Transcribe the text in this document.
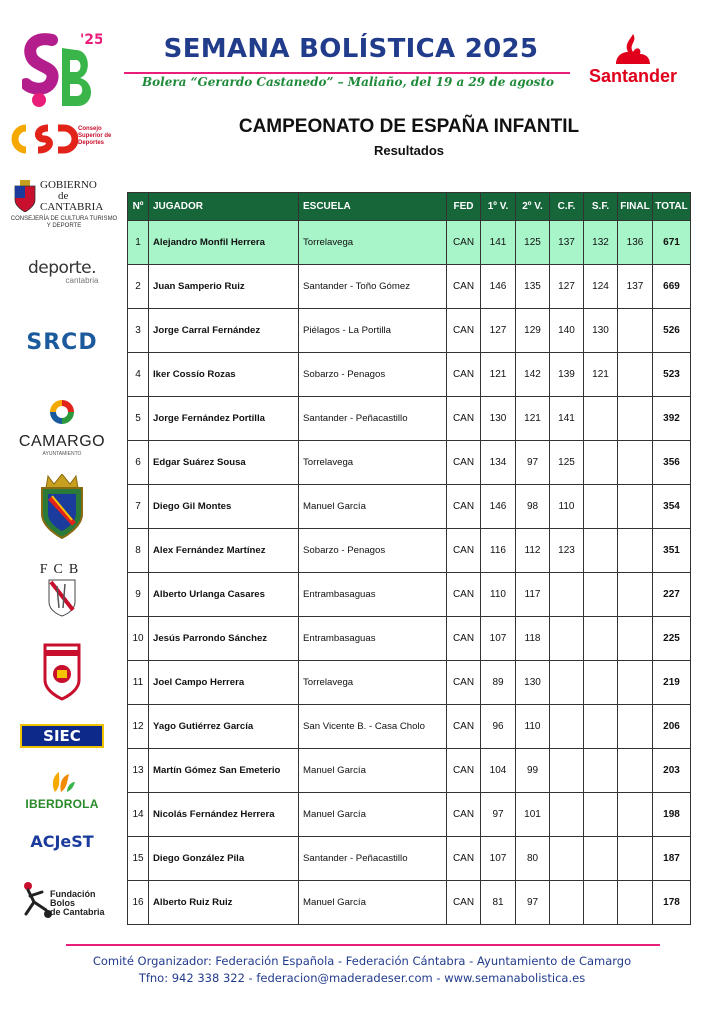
'25	SEMANA BOLÍSTICA 2025
Bolera “Gerardo Castanedo” – Maliaño, del 19 a 29 de agosto	Santander
CAMPEONATO DE ESPAÑA INFANTIL
Resultados
Consejo Superior de Deportes
GOBIERNO
de
CANTABRIA
CONSEJERÍA DE CULTURA TURISMO Y DEPORTE
deporte.
cantabria
SRCD
CAMARGO
AYUNTAMIENTO
FCB
SIEC
IBERDROLA
ACJeST
Fundación
Bolos
de Cantabria
Nº	JUGADOR	ESCUELA	FED	1º V.	2º V.	C.F.	S.F.	FINAL	TOTAL
1	Alejandro Monfil Herrera	Torrelavega	CAN	141	125	137	132	136	671
2	Juan Samperio Ruiz	Santander - Toño Gómez	CAN	146	135	127	124	137	669
3	Jorge Carral Fernández	Piélagos - La Portilla	CAN	127	129	140	130		526
4	Iker Cossío Rozas	Sobarzo - Penagos	CAN	121	142	139	121		523
5	Jorge Fernández Portilla	Santander - Peñacastillo	CAN	130	121	141			392
6	Edgar Suárez Sousa	Torrelavega	CAN	134	97	125			356
7	Diego Gil Montes	Manuel García	CAN	146	98	110			354
8	Alex Fernández Martínez	Sobarzo - Penagos	CAN	116	112	123			351
9	Alberto Urlanga Casares	Entrambasaguas	CAN	110	117				227
10	Jesús Parrondo Sánchez	Entrambasaguas	CAN	107	118				225
11	Joel Campo Herrera	Torrelavega	CAN	89	130				219
12	Yago Gutiérrez García	San Vicente B. - Casa Cholo	CAN	96	110				206
13	Martín Gómez San Emeterio	Manuel García	CAN	104	99				203
14	Nicolás Fernández Herrera	Manuel García	CAN	97	101				198
15	Diego González Pila	Santander - Peñacastillo	CAN	107	80				187
16	Alberto Ruiz Ruiz	Manuel García	CAN	81	97				178
Comité Organizador: Federación Española - Federación Cántabra - Ayuntamiento de Camargo
Tfno: 942 338 322 - federacion@maderadeser.com - www.semanabolistica.es
